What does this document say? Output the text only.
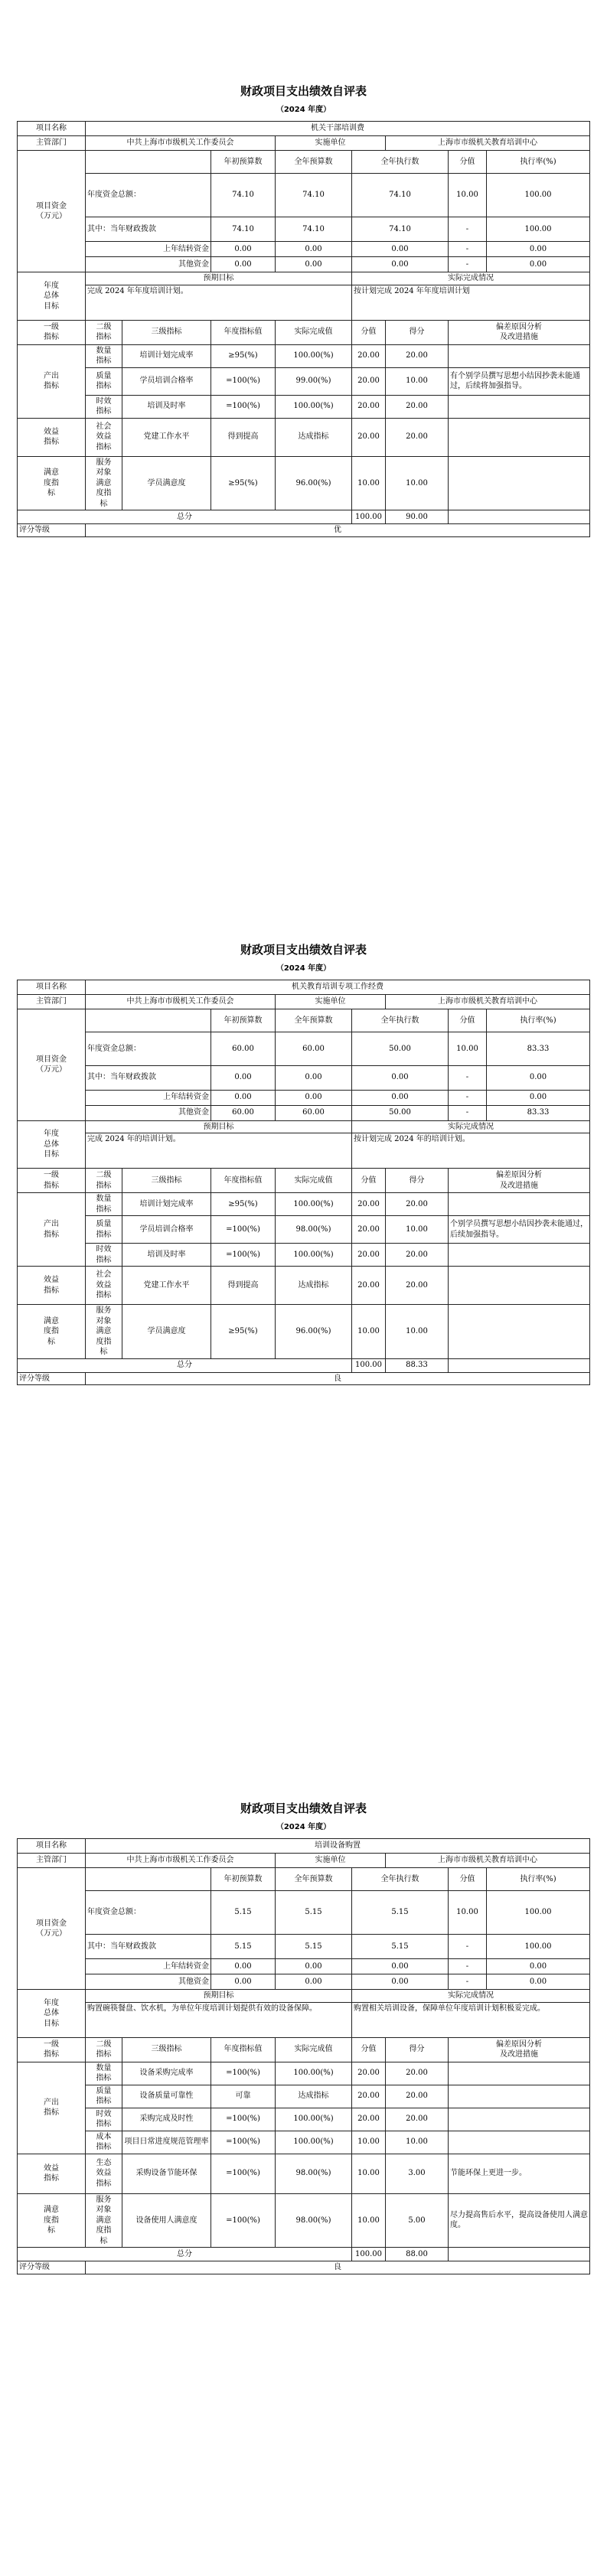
财政项目支出绩效自评表
（2024 年度）
项目名称	机关干部培训费								
主管部门	中共上海市市级机关工作委员会			实施单位		上海市市级机关教育培训中心			
项目资金
（万元）			年初预算数	全年预算数	全年执行数		分值	执行率(%)	
	年度资金总额：		74.10	74.10	74.10		10.00	100.00	
	其中：当年财政拨款		74.10	74.10	74.10		-	100.00	
	上年结转资金		0.00	0.00	0.00		-	0.00	
	其他资金		0.00	0.00	0.00		-	0.00	
年度
总体
目标	预期目标				实际完成情况				
	完成 2024 年年度培训计划。				按计划完成 2024 年年度培训计划				
一级
指标	二级
指标	三级指标	年度指标值	实际完成值	分值	得分	偏差原因分析
及改进措施		
产出
指标	数量
指标	培训计划完成率	≥95(%)	100.00(%)	20.00	20.00			
	质量
指标	学员培训合格率	=100(%)	99.00(%)	20.00	10.00	有个别学员撰写思想小结因抄袭未能通过，后续将加强指导。		
	时效
指标	培训及时率	=100(%)	100.00(%)	20.00	20.00			
效益
指标	社会
效益
指标	党建工作水平	得到提高	达成指标	20.00	20.00			
满意
度指
标	服务
对象
满意
度指
标	学员满意度	≥95(%)	96.00(%)	10.00	10.00			
总分					100.00	90.00			
评分等级	优								
财政项目支出绩效自评表
（2024 年度）
项目名称	机关教育培训专项工作经费								
主管部门	中共上海市市级机关工作委员会			实施单位		上海市市级机关教育培训中心			
项目资金
（万元）			年初预算数	全年预算数	全年执行数		分值	执行率(%)	
	年度资金总额：		60.00	60.00	50.00		10.00	83.33	
	其中：当年财政拨款		0.00	0.00	0.00		-	0.00	
	上年结转资金		0.00	0.00	0.00		-	0.00	
	其他资金		60.00	60.00	50.00		-	83.33	
年度
总体
目标	预期目标				实际完成情况				
	完成 2024 年的培训计划。				按计划完成 2024 年的培训计划。				
一级
指标	二级
指标	三级指标	年度指标值	实际完成值	分值	得分	偏差原因分析
及改进措施		
产出
指标	数量
指标	培训计划完成率	≥95(%)	100.00(%)	20.00	20.00			
	质量
指标	学员培训合格率	=100(%)	98.00(%)	20.00	10.00	个别学员撰写思想小结因抄袭未能通过，后续加强指导。		
	时效
指标	培训及时率	=100(%)	100.00(%)	20.00	20.00			
效益
指标	社会
效益
指标	党建工作水平	得到提高	达成指标	20.00	20.00			
满意
度指
标	服务
对象
满意
度指
标	学员满意度	≥95(%)	96.00(%)	10.00	10.00			
总分					100.00	88.33			
评分等级	良								
财政项目支出绩效自评表
（2024 年度）
项目名称	培训设备购置								
主管部门	中共上海市市级机关工作委员会			实施单位		上海市市级机关教育培训中心			
项目资金
（万元）			年初预算数	全年预算数	全年执行数		分值	执行率(%)	
	年度资金总额：		5.15	5.15	5.15		10.00	100.00	
	其中：当年财政拨款		5.15	5.15	5.15		-	100.00	
	上年结转资金		0.00	0.00	0.00		-	0.00	
	其他资金		0.00	0.00	0.00		-	0.00	
年度
总体
目标	预期目标				实际完成情况				
	购置碗筷餐盘、饮水机，为单位年度培训计划提供有效的设备保障。				购置相关培训设备，保障单位年度培训计划积极妥完成。				
一级
指标	二级
指标	三级指标	年度指标值	实际完成值	分值	得分	偏差原因分析
及改进措施		
产出
指标	数量
指标	设备采购完成率	=100(%)	100.00(%)	20.00	20.00			
	质量
指标	设备质量可靠性	可靠	达成指标	20.00	20.00			
	时效
指标	采购完成及时性	=100(%)	100.00(%)	20.00	20.00			
	成本
指标	项目日常进度规范管理率	=100(%)	100.00(%)	10.00	10.00			
效益
指标	生态
效益
指标	采购设备节能环保	=100(%)	98.00(%)	10.00	3.00	节能环保上更进一步。		
满意
度指
标	服务
对象
满意
度指
标	设备使用人满意度	=100(%)	98.00(%)	10.00	5.00	尽力提高售后水平，提高设备使用人满意度。		
总分					100.00	88.00			
评分等级	良								
